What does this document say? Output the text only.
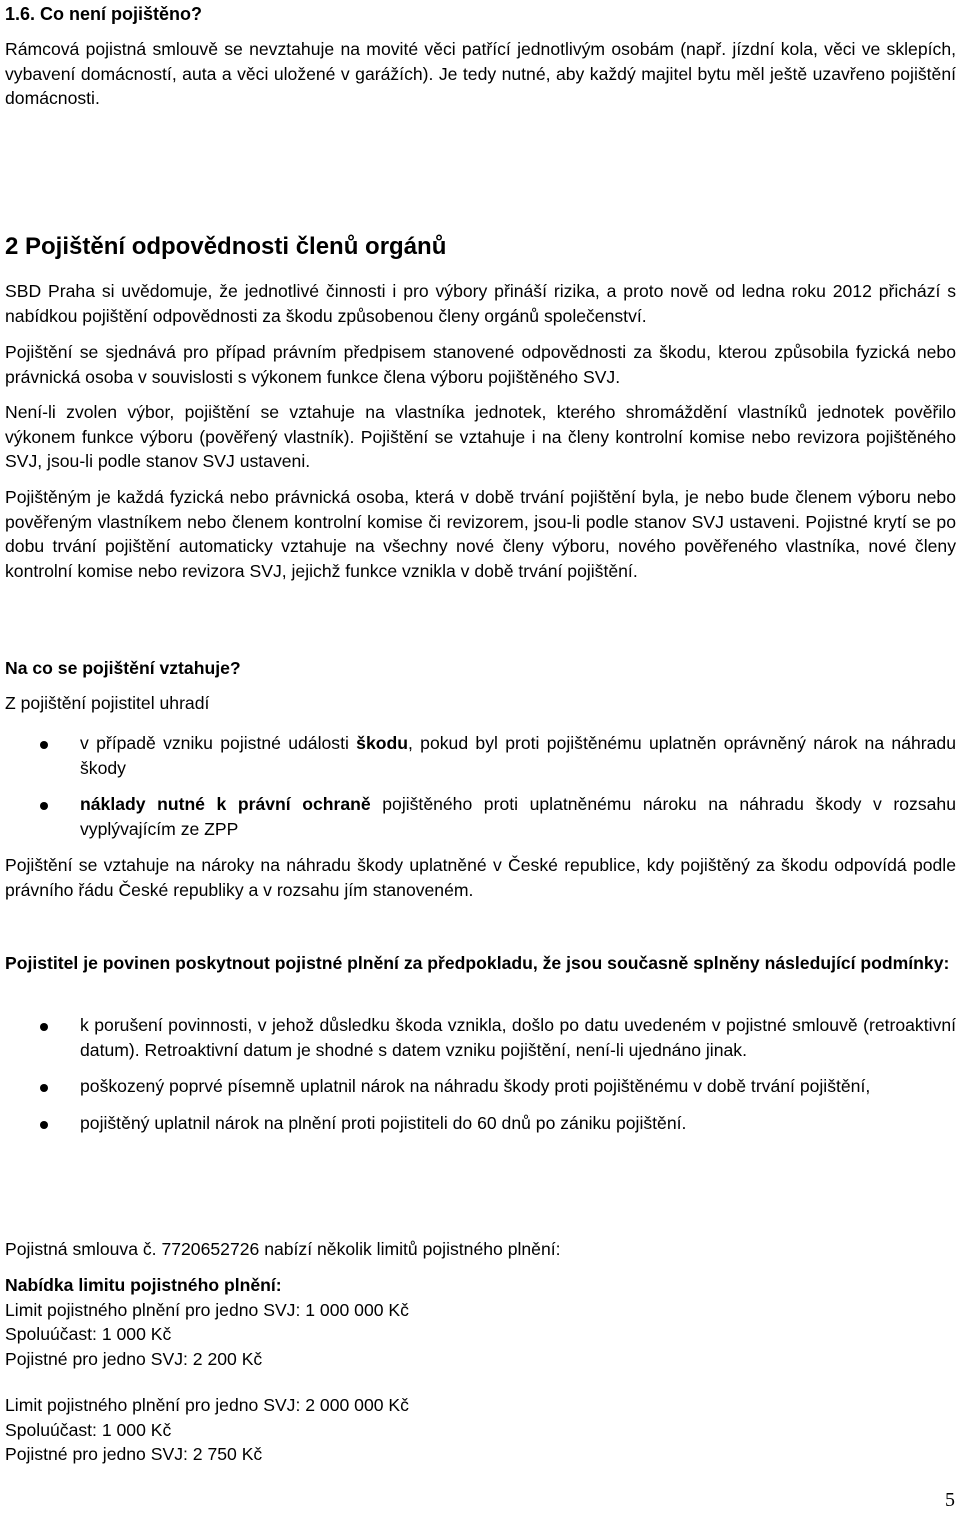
1.6. Co není pojištěno?

Rámcová pojistná smlouvě se nevztahuje na movité věci patřící jednotlivým osobám (např. jízdní kola, věci ve sklepích, vybavení domácností, auta a věci uložené v garážích). Je tedy nutné, aby každý majitel bytu měl ještě uzavřeno pojištění domácnosti.

2 Pojištění odpovědnosti členů orgánů

SBD Praha si uvědomuje, že jednotlivé činnosti i pro výbory přináší rizika, a proto nově od ledna roku 2012 přichází s nabídkou pojištění odpovědnosti za škodu způsobenou členy orgánů společenství.

Pojištění se sjednává pro případ právním předpisem stanovené odpovědnosti za škodu, kterou způsobila fyzická nebo právnická osoba v souvislosti s výkonem funkce člena výboru pojištěného SVJ.

Není-li zvolen výbor, pojištění se vztahuje na vlastníka jednotek, kterého shromáždění vlastníků jednotek pověřilo výkonem funkce výboru (pověřený vlastník). Pojištění se vztahuje i na členy kontrolní komise nebo revizora pojištěného SVJ, jsou-li podle stanov SVJ ustaveni.

Pojištěným je každá fyzická nebo právnická osoba, která v době trvání pojištění byla, je nebo bude členem výboru nebo pověřeným vlastníkem nebo členem kontrolní komise či revizorem, jsou-li podle stanov SVJ ustaveni. Pojistné krytí se po dobu trvání pojištění automaticky vztahuje na všechny nové členy výboru, nového pověřeného vlastníka, nové členy kontrolní komise nebo revizora SVJ, jejichž funkce vznikla v době trvání pojištění.

Na co se pojištění vztahuje?

Z pojištění pojistitel uhradí

v případě vzniku pojistné události škodu, pokud byl proti pojištěnému uplatněn oprávněný nárok na náhradu škody
náklady nutné k právní ochraně pojištěného proti uplatněnému nároku na náhradu škody v rozsahu vyplývajícím ze ZPP

Pojištění se vztahuje na nároky na náhradu škody uplatněné v České republice, kdy pojištěný za škodu odpovídá podle právního řádu České republiky a v rozsahu jím stanoveném.

Pojistitel je povinen poskytnout pojistné plnění za předpokladu, že jsou současně splněny následující podmínky:

k porušení povinnosti, v jehož důsledku škoda vznikla, došlo po datu uvedeném v pojistné smlouvě (retroaktivní datum). Retroaktivní datum je shodné s datem vzniku pojištění, není-li ujednáno jinak.
poškozený poprvé písemně uplatnil nárok na náhradu škody proti pojištěnému v době trvání pojištění,
pojištěný uplatnil nárok na plnění proti pojistiteli do 60 dnů po zániku pojištění.

Pojistná smlouva č. 7720652726 nabízí několik limitů pojistného plnění:

Nabídka limitu pojistného plnění:

Limit pojistného plnění pro jedno SVJ: 1 000 000 Kč

Spoluúčast: 1 000 Kč

Pojistné pro jedno SVJ: 2 200 Kč

Limit pojistného plnění pro jedno SVJ: 2 000 000 Kč

Spoluúčast: 1 000 Kč

Pojistné pro jedno SVJ: 2 750 Kč

5
